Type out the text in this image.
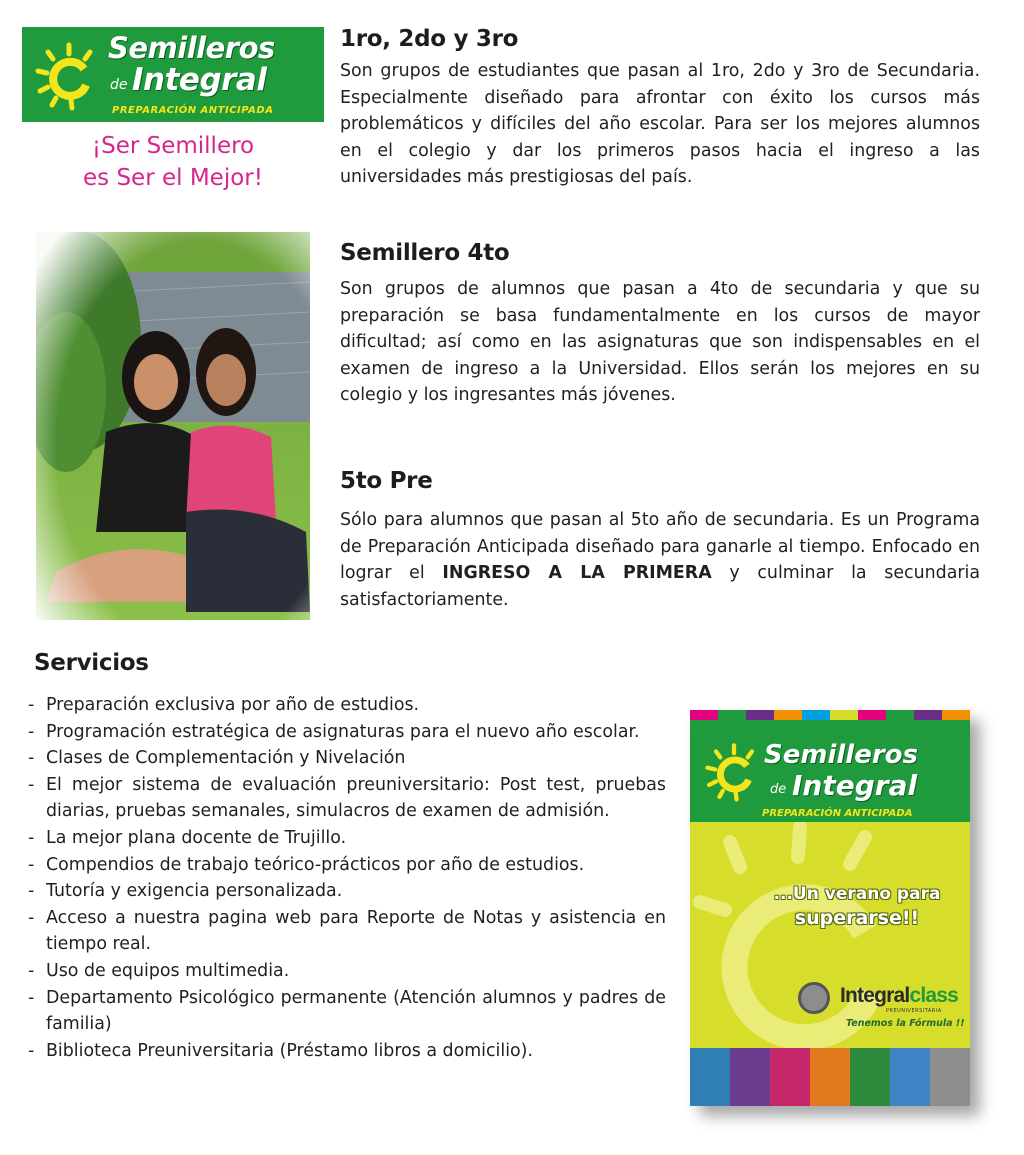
Semilleros
de Integral
PREPARACIÓN ANTICIPADA
¡Ser Semillero
es Ser el Mejor!
1ro, 2do y 3ro
Son grupos de estudiantes que pasan al 1ro, 2do y 3ro de Secundaria. Especialmente diseñado para afrontar con éxito los cursos más problemáticos y difíciles del año escolar. Para ser los mejores alumnos en el colegio y dar los primeros pasos hacia el ingreso a las universidades más prestigiosas del país.
Semillero 4to
Son grupos de alumnos que pasan a 4to de secundaria y que su preparación se basa fundamentalmente en los cursos de mayor dificultad; así como en las asignaturas que son indispensables en el examen de ingreso a la Universidad. Ellos serán los mejores en su colegio y los ingresantes más jóvenes.
5to Pre
Sólo para alumnos que pasan al 5to año de secundaria. Es un Programa de Preparación Anticipada diseñado para ganarle al tiempo. Enfocado en lograr el INGRESO A LA PRIMERA y culminar la secundaria satisfactoriamente.
Servicios
- Preparación exclusiva por año de estudios.
- Programación estratégica de asignaturas para el nuevo año escolar.
- Clases de Complementación y Nivelación
- El mejor sistema de evaluación preuniversitario: Post test, pruebas diarias, pruebas semanales, simulacros de examen de admisión.
- La mejor plana docente de Trujillo.
- Compendios de trabajo teórico-prácticos por año de estudios.
- Tutoría y exigencia personalizada.
- Acceso a nuestra pagina web para Reporte de Notas y asistencia en tiempo real.
- Uso de equipos multimedia.
- Departamento Psicológico permanente (Atención alumnos y padres de familia)
- Biblioteca Preuniversitaria (Préstamo libros a domicilio).
Semilleros
de Integral
PREPARACIÓN ANTICIPADA
...Un verano para
superarse!!
Integralclass
PREUNIVERSITARIA
Tenemos la Fórmula !!
